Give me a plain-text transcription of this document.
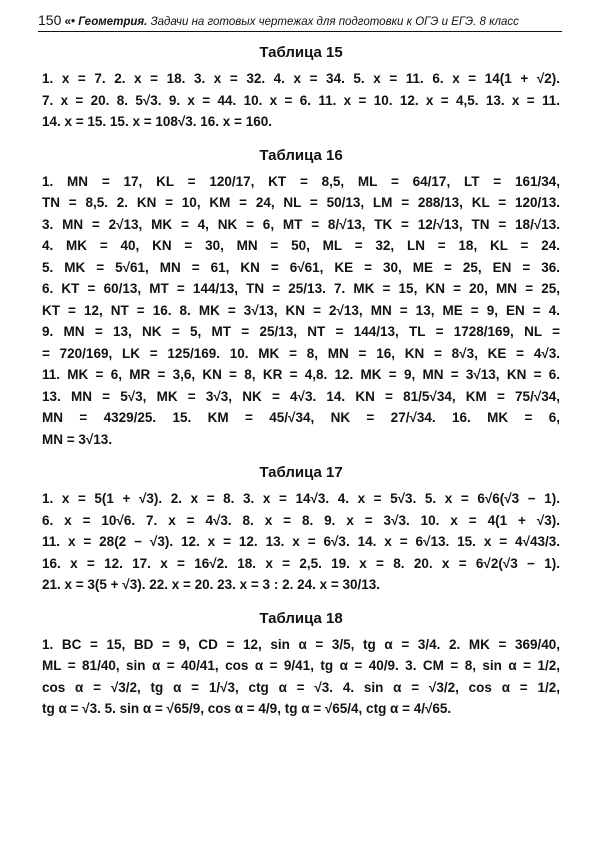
150 «• Геометрия. Задачи на готовых чертежах для подготовки к ОГЭ и ЕГЭ. 8 класс
Таблица 15
1. x = 7. 2. x = 18. 3. x = 32. 4. x = 34. 5. x = 11. 6. x = 14(1 + √2).
7. x = 20. 8. 5√3. 9. x = 44. 10. x = 6. 11. x = 10. 12. x = 4,5. 13. x = 11.
14. x = 15. 15. x = 108√3. 16. x = 160.
Таблица 16
1. MN = 17, KL = 120/17, KT = 8,5, ML = 64/17, LT = 161/34,
TN = 8,5. 2. KN = 10, KM = 24, NL = 50/13, LM = 288/13, KL = 120/13.
3. MN = 2√13, MK = 4, NK = 6, MT = 8/√13, TK = 12/√13, TN = 18/√13.
4. MK = 40, KN = 30, MN = 50, ML = 32, LN = 18, KL = 24.
5. MK = 5√61, MN = 61, KN = 6√61, KE = 30, ME = 25, EN = 36.
6. KT = 60/13, MT = 144/13, TN = 25/13. 7. MK = 15, KN = 20, MN = 25,
KT = 12, NT = 16. 8. MK = 3√13, KN = 2√13, MN = 13, ME = 9, EN = 4.
9. MN = 13, NK = 5, MT = 25/13, NT = 144/13, TL = 1728/169, NL =
= 720/169, LK = 125/169. 10. MK = 8, MN = 16, KN = 8√3, KE = 4√3.
11. MK = 6, MR = 3,6, KN = 8, KR = 4,8. 12. MK = 9, MN = 3√13, KN = 6.
13. MN = 5√3, MK = 3√3, NK = 4√3. 14. KN = 81/5√34, KM = 75/√34,
MN = 4329/25. 15. KM = 45/√34, NK = 27/√34. 16. MK = 6,
MN = 3√13.
Таблица 17
1. x = 5(1 + √3). 2. x = 8. 3. x = 14√3. 4. x = 5√3. 5. x = 6√6(√3 − 1).
6. x = 10√6. 7. x = 4√3. 8. x = 8. 9. x = 3√3. 10. x = 4(1 + √3).
11. x = 28(2 − √3). 12. x = 12. 13. x = 6√3. 14. x = 6√13. 15. x = 4√43/3.
16. x = 12. 17. x = 16√2. 18. x = 2,5. 19. x = 8. 20. x = 6√2(√3 − 1).
21. x = 3(5 + √3). 22. x = 20. 23. x = 3 : 2. 24. x = 30/13.
Таблица 18
1. BC = 15, BD = 9, CD = 12, sin α = 3/5, tg α = 3/4. 2. MK = 369/40,
ML = 81/40, sin α = 40/41, cos α = 9/41, tg α = 40/9. 3. CM = 8, sin α = 1/2,
cos α = √3/2, tg α = 1/√3, ctg α = √3. 4. sin α = √3/2, cos α = 1/2,
tg α = √3. 5. sin α = √65/9, cos α = 4/9, tg α = √65/4, ctg α = 4/√65.
